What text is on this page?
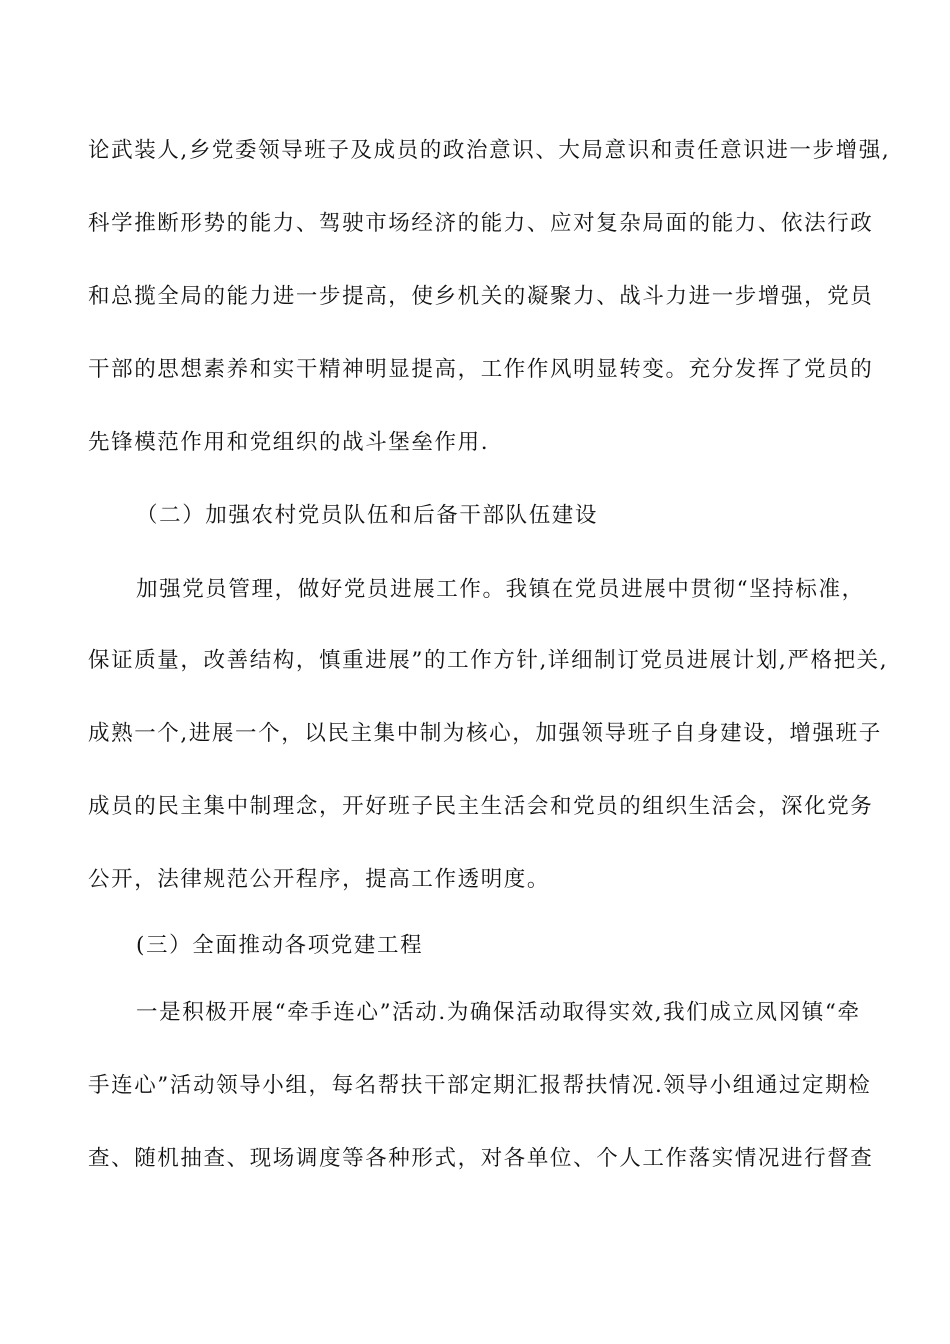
论武装人,乡党委领导班子及成员的政治意识、大局意识和责任意识进一步增强,
科学推断形势的能力、驾驶市场经济的能力、应对复杂局面的能力、依法行政
和总揽全局的能力进一步提高，使乡机关的凝聚力、战斗力进一步增强，党员
干部的思想素养和实干精神明显提高，工作作风明显转变。充分发挥了党员的
先锋模范作用和党组织的战斗堡垒作用.
（二）加强农村党员队伍和后备干部队伍建设
加强党员管理，做好党员进展工作。我镇在党员进展中贯彻“坚持标准，
保证质量，改善结构，慎重进展”的工作方针,详细制订党员进展计划,严格把关,
成熟一个,进展一个，以民主集中制为核心，加强领导班子自身建设，增强班子
成员的民主集中制理念，开好班子民主生活会和党员的组织生活会，深化党务
公开，法律规范公开程序，提高工作透明度。
(三）全面推动各项党建工程
一是积极开展“牵手连心”活动.为确保活动取得实效,我们成立凤冈镇“牵
手连心”活动领导小组，每名帮扶干部定期汇报帮扶情况.领导小组通过定期检
查、随机抽查、现场调度等各种形式，对各单位、个人工作落实情况进行督查
